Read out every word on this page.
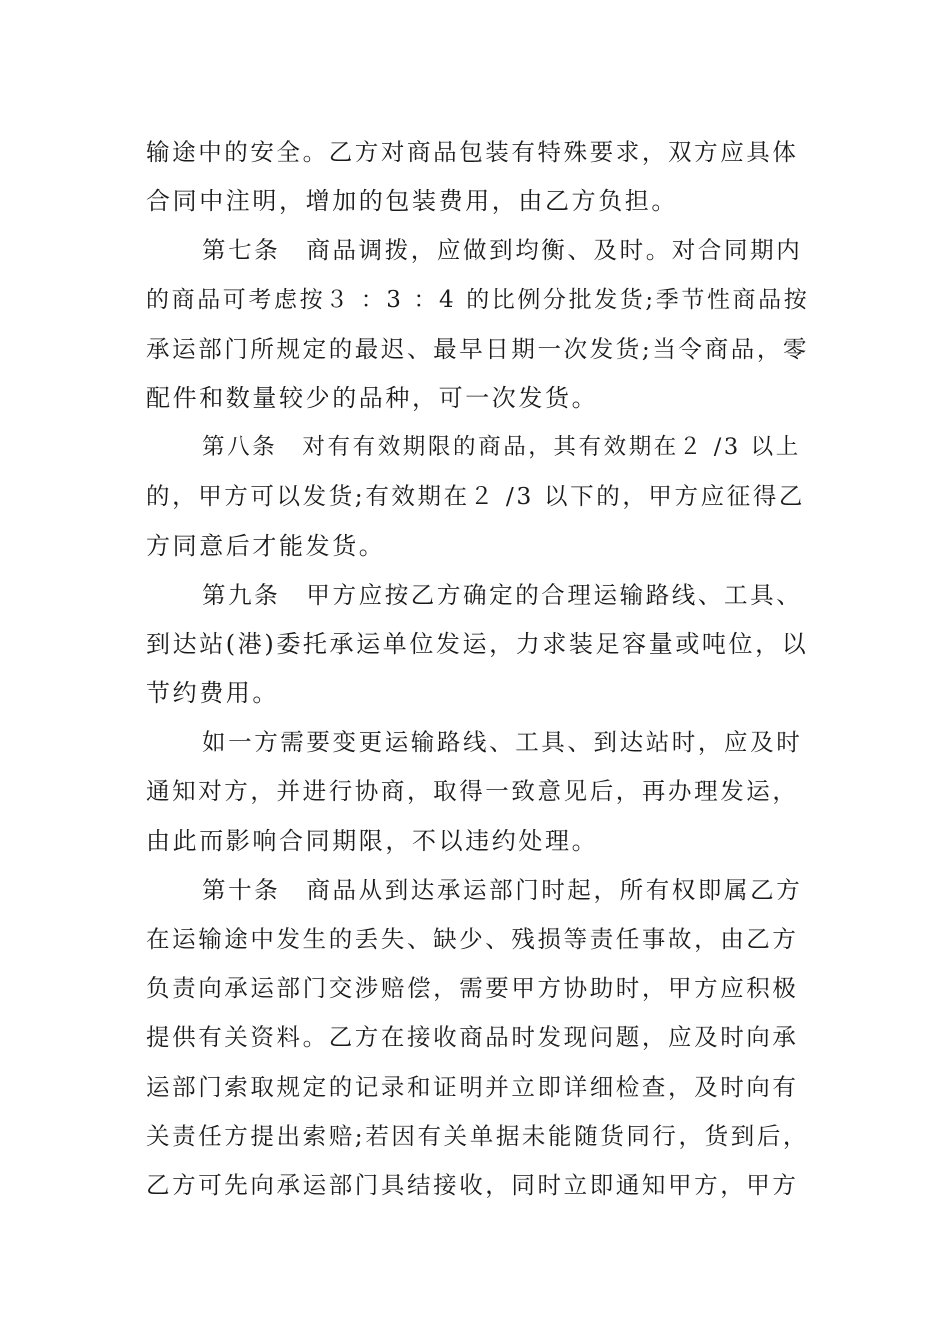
输途中的安全。乙方对商品包装有特殊要求，双方应具体
合同中注明，增加的包装费用，由乙方负担。
第七条　商品调拨，应做到均衡、及时。对合同期内
的商品可考虑按３ ：3 ：4 的比例分批发货;季节性商品按
承运部门所规定的最迟、最早日期一次发货;当令商品，零
配件和数量较少的品种，可一次发货。
第八条　对有有效期限的商品，其有效期在２ /3 以上
的，甲方可以发货;有效期在２ /3 以下的，甲方应征得乙
方同意后才能发货。
第九条　甲方应按乙方确定的合理运输路线、工具、
到达站(港)委托承运单位发运，力求装足容量或吨位，以
节约费用。
如一方需要变更运输路线、工具、到达站时，应及时
通知对方，并进行协商，取得一致意见后，再办理发运，
由此而影响合同期限，不以违约处理。
第十条　商品从到达承运部门时起，所有权即属乙方
在运输途中发生的丢失、缺少、残损等责任事故，由乙方
负责向承运部门交涉赔偿，需要甲方协助时，甲方应积极
提供有关资料。乙方在接收商品时发现问题，应及时向承
运部门索取规定的记录和证明并立即详细检查，及时向有
关责任方提出索赔;若因有关单据未能随货同行，货到后，
乙方可先向承运部门具结接收，同时立即通知甲方，甲方
